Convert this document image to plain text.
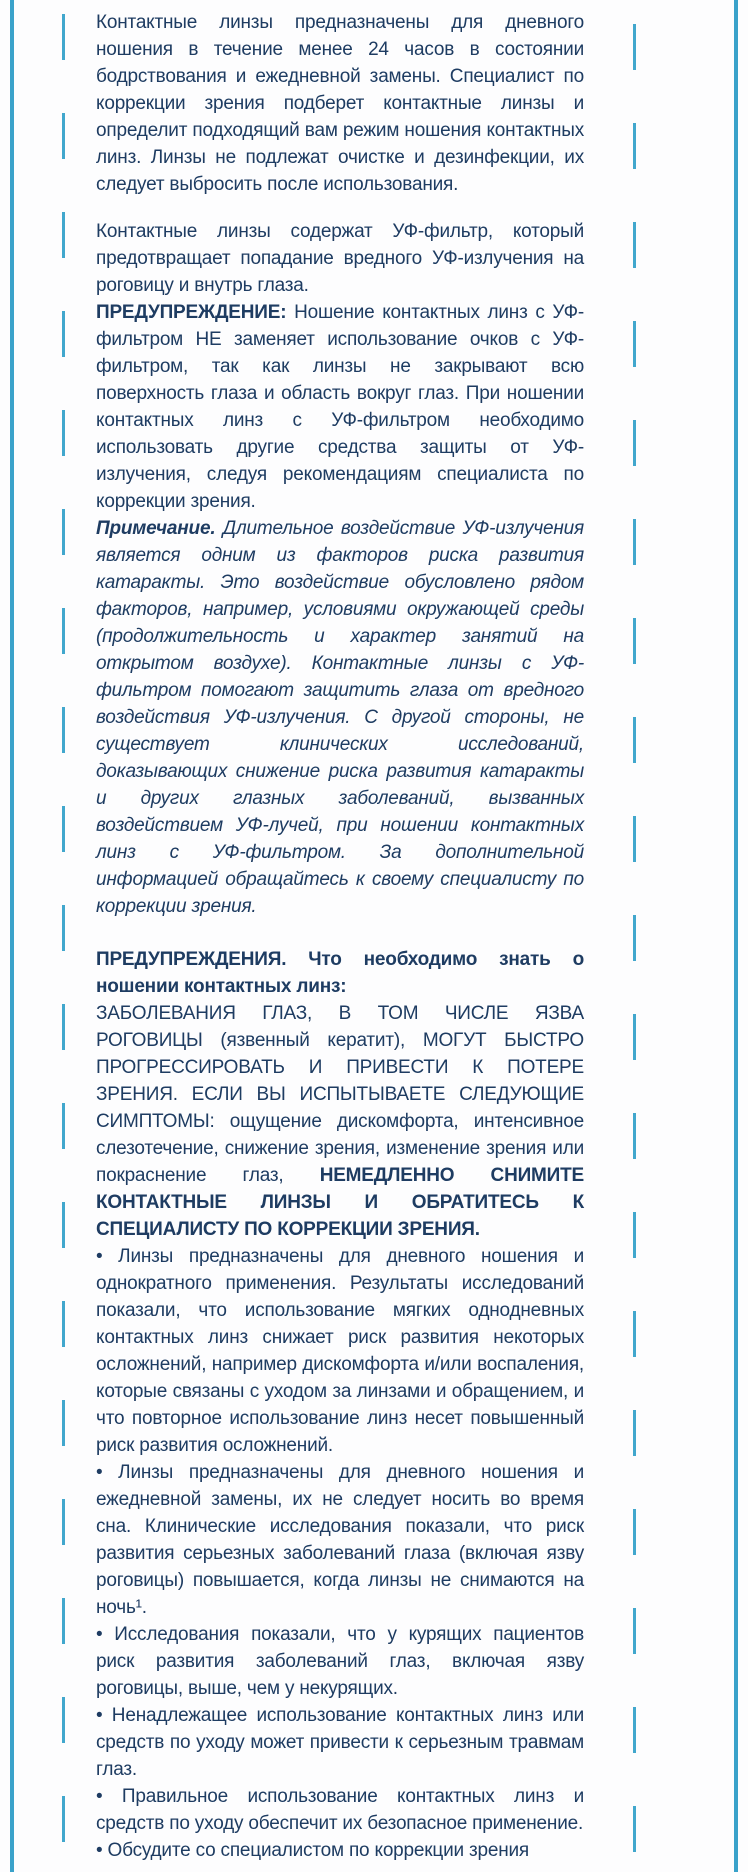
Контактные линзы предназначены для дневного ношения в течение менее 24 часов в состоянии бодрствования и ежедневной замены. Специалист по коррекции зрения подберет контактные линзы и определит подходящий вам режим ношения контактных линз. Линзы не подлежат очистке и дезинфекции, их следует выбросить после использования.

Контактные линзы содержат УФ-фильтр, который предотвращает попадание вредного УФ-излучения на роговицу и внутрь глаза.

ПРЕДУПРЕЖДЕНИЕ: Ношение контактных линз с УФ-фильтром НЕ заменяет использование очков с УФ-фильтром, так как линзы не закрывают всю поверхность глаза и область вокруг глаз. При ношении контактных линз с УФ-фильтром необходимо использовать другие средства защиты от УФ-излучения, следуя рекомендациям специалиста по коррекции зрения.

Примечание. Длительное воздействие УФ-излучения является одним из факторов риска развития катаракты. Это воздействие обусловлено рядом факторов, например, условиями окружающей среды (продолжительность и характер занятий на открытом воздухе). Контактные линзы с УФ-фильтром помогают защитить глаза от вредного воздействия УФ-излучения. С другой стороны, не существует клинических исследований, доказывающих снижение риска развития катаракты и других глазных заболеваний, вызванных воздействием УФ-лучей, при ношении контактных линз с УФ-фильтром. За дополнительной информацией обращайтесь к своему специалисту по коррекции зрения.

ПРЕДУПРЕЖДЕНИЯ. Что необходимо знать о ношении контактных линз:

ЗАБОЛЕВАНИЯ ГЛАЗ, В ТОМ ЧИСЛЕ ЯЗВА РОГОВИЦЫ (язвенный кератит), МОГУТ БЫСТРО ПРОГРЕССИРОВАТЬ И ПРИВЕСТИ К ПОТЕРЕ ЗРЕНИЯ. ЕСЛИ ВЫ ИСПЫТЫВАЕТЕ СЛЕДУЮЩИЕ СИМПТОМЫ: ощущение дискомфорта, интенсивное слезотечение, снижение зрения, изменение зрения или покраснение глаз, НЕМЕДЛЕННО СНИМИТЕ КОНТАКТНЫЕ ЛИНЗЫ И ОБРАТИТЕСЬ К СПЕЦИАЛИСТУ ПО КОРРЕКЦИИ ЗРЕНИЯ.

• Линзы предназначены для дневного ношения и однократного применения. Результаты исследований показали, что использование мягких однодневных контактных линз снижает риск развития некоторых осложнений, например дискомфорта и/или воспаления, которые связаны с уходом за линзами и обращением, и что повторное использование линз несет повышенный риск развития осложнений.

• Линзы предназначены для дневного ношения и ежедневной замены, их не следует носить во время сна. Клинические исследования показали, что риск развития серьезных заболеваний глаза (включая язву роговицы) повышается, когда линзы не снимаются на ночь¹.

• Исследования показали, что у курящих пациентов риск развития заболеваний глаз, включая язву роговицы, выше, чем у некурящих.

• Ненадлежащее использование контактных линз или средств по уходу может привести к серьезным травмам глаз.

• Правильное использование контактных линз и средств по уходу обеспечит их безопасное применение.

• Обсудите со специалистом по коррекции зрения
